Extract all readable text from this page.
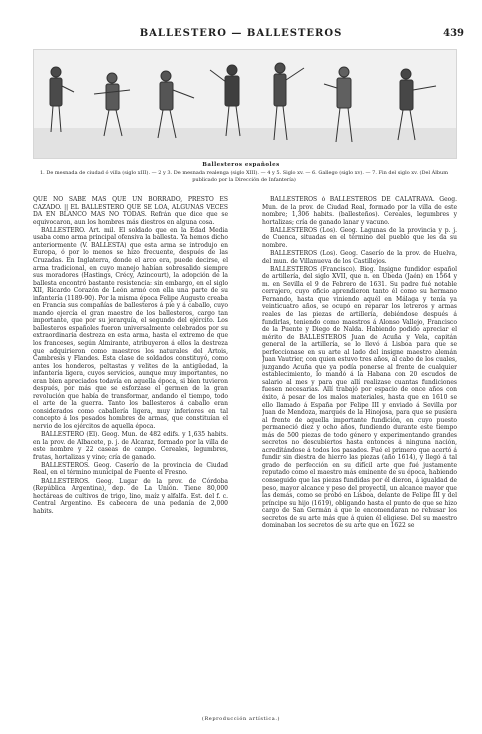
BALLESTERO — BALLESTEROS	439
Ballesteros españoles
1. De mesnada de ciudad ó villa (siglo xIII). — 2 y 3. De mesnada realenga (siglo XIII). — 4 y 5. Siglo xv. — 6. Gallego (siglo xv). — 7. Fin del siglo xv. (Del Álbum publicado por la Dirección de Infantería)

QUE NO SABE MÁS QUE UN BORRADO, PRESTO ES CAZADO. || EL BALLESTERO QUE SE LOA, ALGUNAS VECES DA EN BLANCO MAS NO TODAS. Refrán que dice que se equivocaron, aun los hombres más diestros en alguna cosa.

BALLESTERO. Art. mil. El soldado que en la Edad Media usaba como arma principal ofensiva la ballesta. Ya hemos dicho anteriormente (V. BALLESTA) que esta arma se introdujo en Europa, ó por lo menos se hizo frecuente, después de las Cruzadas. En Inglaterra, donde el arco era, puede decirse, el arma tradicional, en cuyo manejo habían sobresalido siempre sus moradores (Hastings, Crécy, Azincourt), la adopción de la ballesta encontró bastante resistencia: sin embargo, en el siglo XII, Ricardo Corazón de León armó con ella una parte de su infantería (1189-90). Por la misma época Felipe Augusto creaba en Francia sus compañías de ballesteros á pie y á caballo, cuyo mando ejercía el gran maestre de los ballesteros, cargo tan importante, que por su jerarquía, el segundo del ejército. Los ballesteros españoles fueron universalmente celebrados por su extraordinaria destreza en esta arma, hasta el extremo de que los franceses, según Almirante, atribuyeron á ellos la destreza que adquirieron como maestros los naturales del Artois, Cambresis y Flandes. Esta clase de soldados constituyó, como antes los honderos, peltastas y velites de la antigüedad, la infantería ligera, cuyos servicios, aunque muy importantes, no eran bien apreciados todavía en aquella época, si bien tuvieron después, por más que se esforzase el germen de la gran revolución que había de transformar, andando el tiempo, todo el arte de la guerra. Tanto los ballesteros á caballo eran considerados como caballería ligera, muy inferiores en tal concepto á los pesados hombres de armas, que constituían el nervio de los ejércitos de aquella época.

BALLESTERO (El). Geog. Mun. de 482 edifs. y 1,635 habits. en la prov. de Albacete, p. j. de Alcaraz, formado por la villa de este nombre y 22 caseas de campo. Cereales, legumbres, frutas, hortalizas y vino; cría de ganado.

BALLESTEROS. Geog. Caserío de la provincia de Ciudad Real, en el término municipal de Fuente el Fresno.

BALLESTEROS. Geog. Lugar de la prov. de Córdoba (República Argentina), dep. de La Unión. Tiene 80,000 hectáreas de cultivos de trigo, lino, maíz y alfalfa. Est. del f. c. Central Argentino. Es cabecera de una pedanía de 2,000 habits.

BALLESTEROS ó BALLESTEROS DE CALATRAVA. Geog. Mun. de la prov. de Ciudad Real, formado por la villa de este nombre; 1,306 habits. (ballesteños). Cereales, legumbres y hortalizas; cría de ganado lanar y vacuno.

BALLESTEROS (Los). Geog. Lagunas de la provincia y p. j. de Cuenca, situadas en el término del pueblo que les da su nombre.

BALLESTEROS (Los). Geog. Caserío de la prov. de Huelva, del mun. de Villanueva de los Castillejos.

BALLESTEROS (Francisco). Biog. Insigne fundidor español de artillería, del siglo XVII, que n. en Úbeda (Jaén) en 1564 y m. en Sevilla el 9 de Febrero de 1631. Su padre fué notable cerrajero, cuyo oficio aprendieron tanto él como su hermano Fernando, hasta que viniendo aquél en Málaga y tenía ya veinticuatro años, se ocupó en reparar los letreros y armas reales de las piezas de artillería, debiéndose después á fundirlas, teniendo como maestros á Alonso Vallejo, Francisco de la Puente y Diego de Nalda. Habiendo podido apreciar el mérito de BALLESTEROS Juan de Acuña y Vela, capitán general de la artillería, se lo llevó á Lisboa para que se perfeccionase en su arte al lado del insigne maestro alemán Juan Vautrier, con quien estuvo tres años, al cabo de los cuales, juzgando Acuña que ya podía ponerse al frente de cualquier establecimiento, lo mandó á la Habana con 20 escudos de salario al mes y para que allí realizase cuantas fundiciones fuesen necesarias. Allí trabajó por espacio de once años con éxito, á pesar de los malos materiales, hasta que en 1610 se ello llamado á España por Felipe III y enviado á Sevilla por Juan de Mendoza, marqués de la Hinojosa, para que se pusiera al frente de aquella importante fundición, en cuyo puesto permaneció diez y ocho años, fundiendo durante este tiempo más de 500 piezas de todo género y experimentando grandes secretos no descubiertos hasta entonces á ninguna nación, acreditándose á todos los pasados. Fué el primero que acertó á fundir sin diestra de hierro las piezas (año 1614), y llegó á tal grado de perfección en su difícil arte que fué justamente reputado como el maestro más eminente de su época, habiendo conseguido que las piezas fundidas por él dieron, á igualdad de peso, mayor alcance y peso del proyectil, un alcance mayor que las demás, como se probó en Lisboa, delante de Felipe III y del príncipe su hijo (1619), obligando hasta el punto de que se hizo cargo de San Germán á que le encomendaran no rehusar los secretos de su arte más que á quien él eligiese. Del su maestro dominaban los secretos de su arte que en 1622 se

(Reproducción artística.)
